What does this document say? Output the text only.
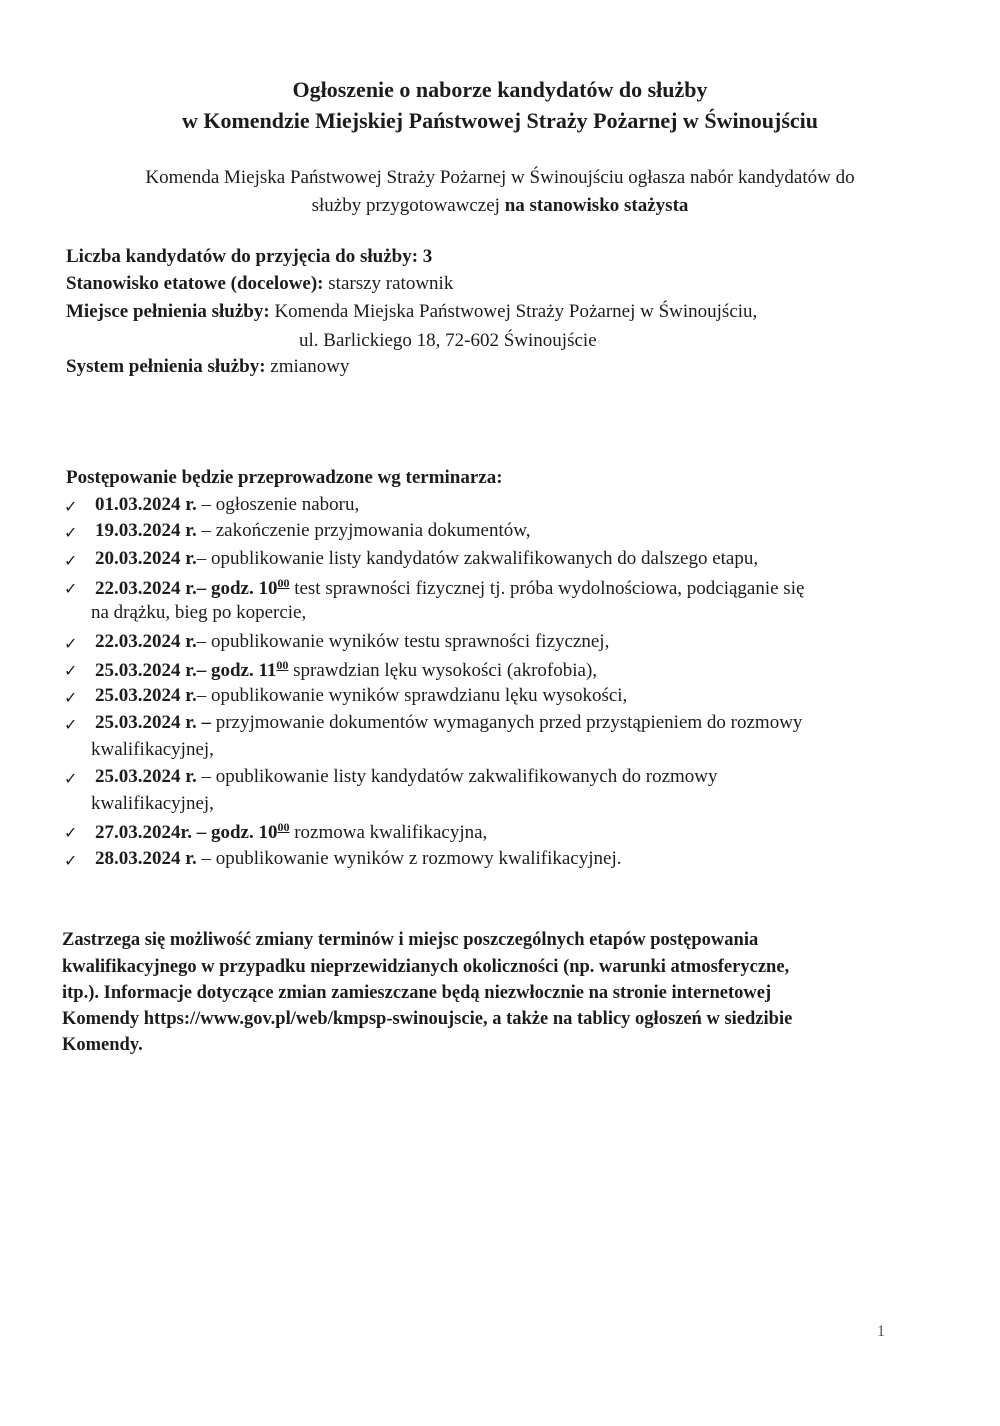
Ogłoszenie o naborze kandydatów do służby
w Komendzie Miejskiej Państwowej Straży Pożarnej w Świnoujściu
Komenda Miejska Państwowej Straży Pożarnej w Świnoujściu ogłasza nabór kandydatów do
służby przygotowawczej na stanowisko stażysta
Liczba kandydatów do przyjęcia do służby: 3
Stanowisko etatowe (docelowe): starszy ratownik
Miejsce pełnienia służby: Komenda Miejska Państwowej Straży Pożarnej w Świnoujściu,
ul. Barlickiego 18, 72-602 Świnoujście
System pełnienia służby: zmianowy
Postępowanie będzie przeprowadzone wg terminarza:
✓ 01.03.2024 r. – ogłoszenie naboru,
✓ 19.03.2024 r. – zakończenie przyjmowania dokumentów,
✓ 20.03.2024 r.– opublikowanie listy kandydatów zakwalifikowanych do dalszego etapu,
✓ 22.03.2024 r.– godz. $10^{00}$ test sprawności fizycznej tj. próba wydolnościowa, podciąganie się
na drążku, bieg po kopercie,
✓ 22.03.2024 r.– opublikowanie wyników testu sprawności fizycznej,
✓ 25.03.2024 r.– godz. $11^{00}$ sprawdzian lęku wysokości (akrofobia),
✓ 25.03.2024 r.– opublikowanie wyników sprawdzianu lęku wysokości,
✓ 25.03.2024 r. – przyjmowanie dokumentów wymaganych przed przystąpieniem do rozmowy
kwalifikacyjnej,
✓ 25.03.2024 r. – opublikowanie listy kandydatów zakwalifikowanych do rozmowy
kwalifikacyjnej,
✓ 27.03.2024r. – godz. $10^{00}$ rozmowa kwalifikacyjna,
✓ 28.03.2024 r. – opublikowanie wyników z rozmowy kwalifikacyjnej.
Zastrzega się możliwość zmiany terminów i miejsc poszczególnych etapów postępowania
kwalifikacyjnego w przypadku nieprzewidzianych okoliczności (np. warunki atmosferyczne,
itp.). Informacje dotyczące zmian zamieszczane będą niezwłocznie na stronie internetowej
Komendy https://www.gov.pl/web/kmpsp-swinoujscie, a także na tablicy ogłoszeń w siedzibie
Komendy.
1
